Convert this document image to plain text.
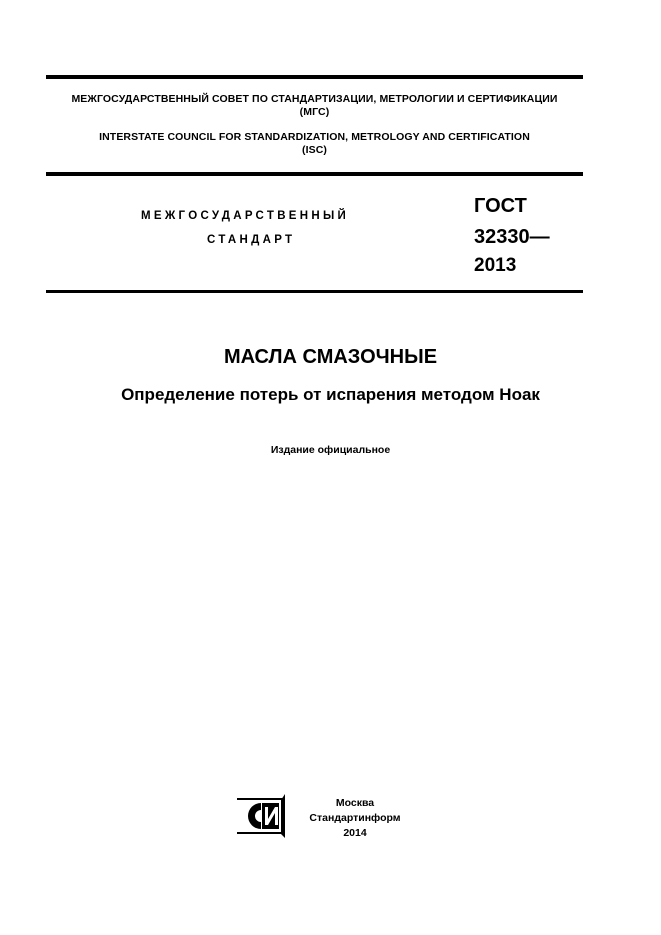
МЕЖГОСУДАРСТВЕННЫЙ СОВЕТ ПО СТАНДАРТИЗАЦИИ, МЕТРОЛОГИИ И СЕРТИФИКАЦИИ
(МГС)
INTERSTATE COUNCIL FOR STANDARDIZATION, METROLOGY AND CERTIFICATION
(ISC)
МЕЖГОСУДАРСТВЕННЫЙ
СТАНДАРТ
ГОСТ
32330—
2013
МАСЛА СМАЗОЧНЫЕ
Определение потерь от испарения методом Ноак
Издание официальное
Москва
Стандартинформ
2014
